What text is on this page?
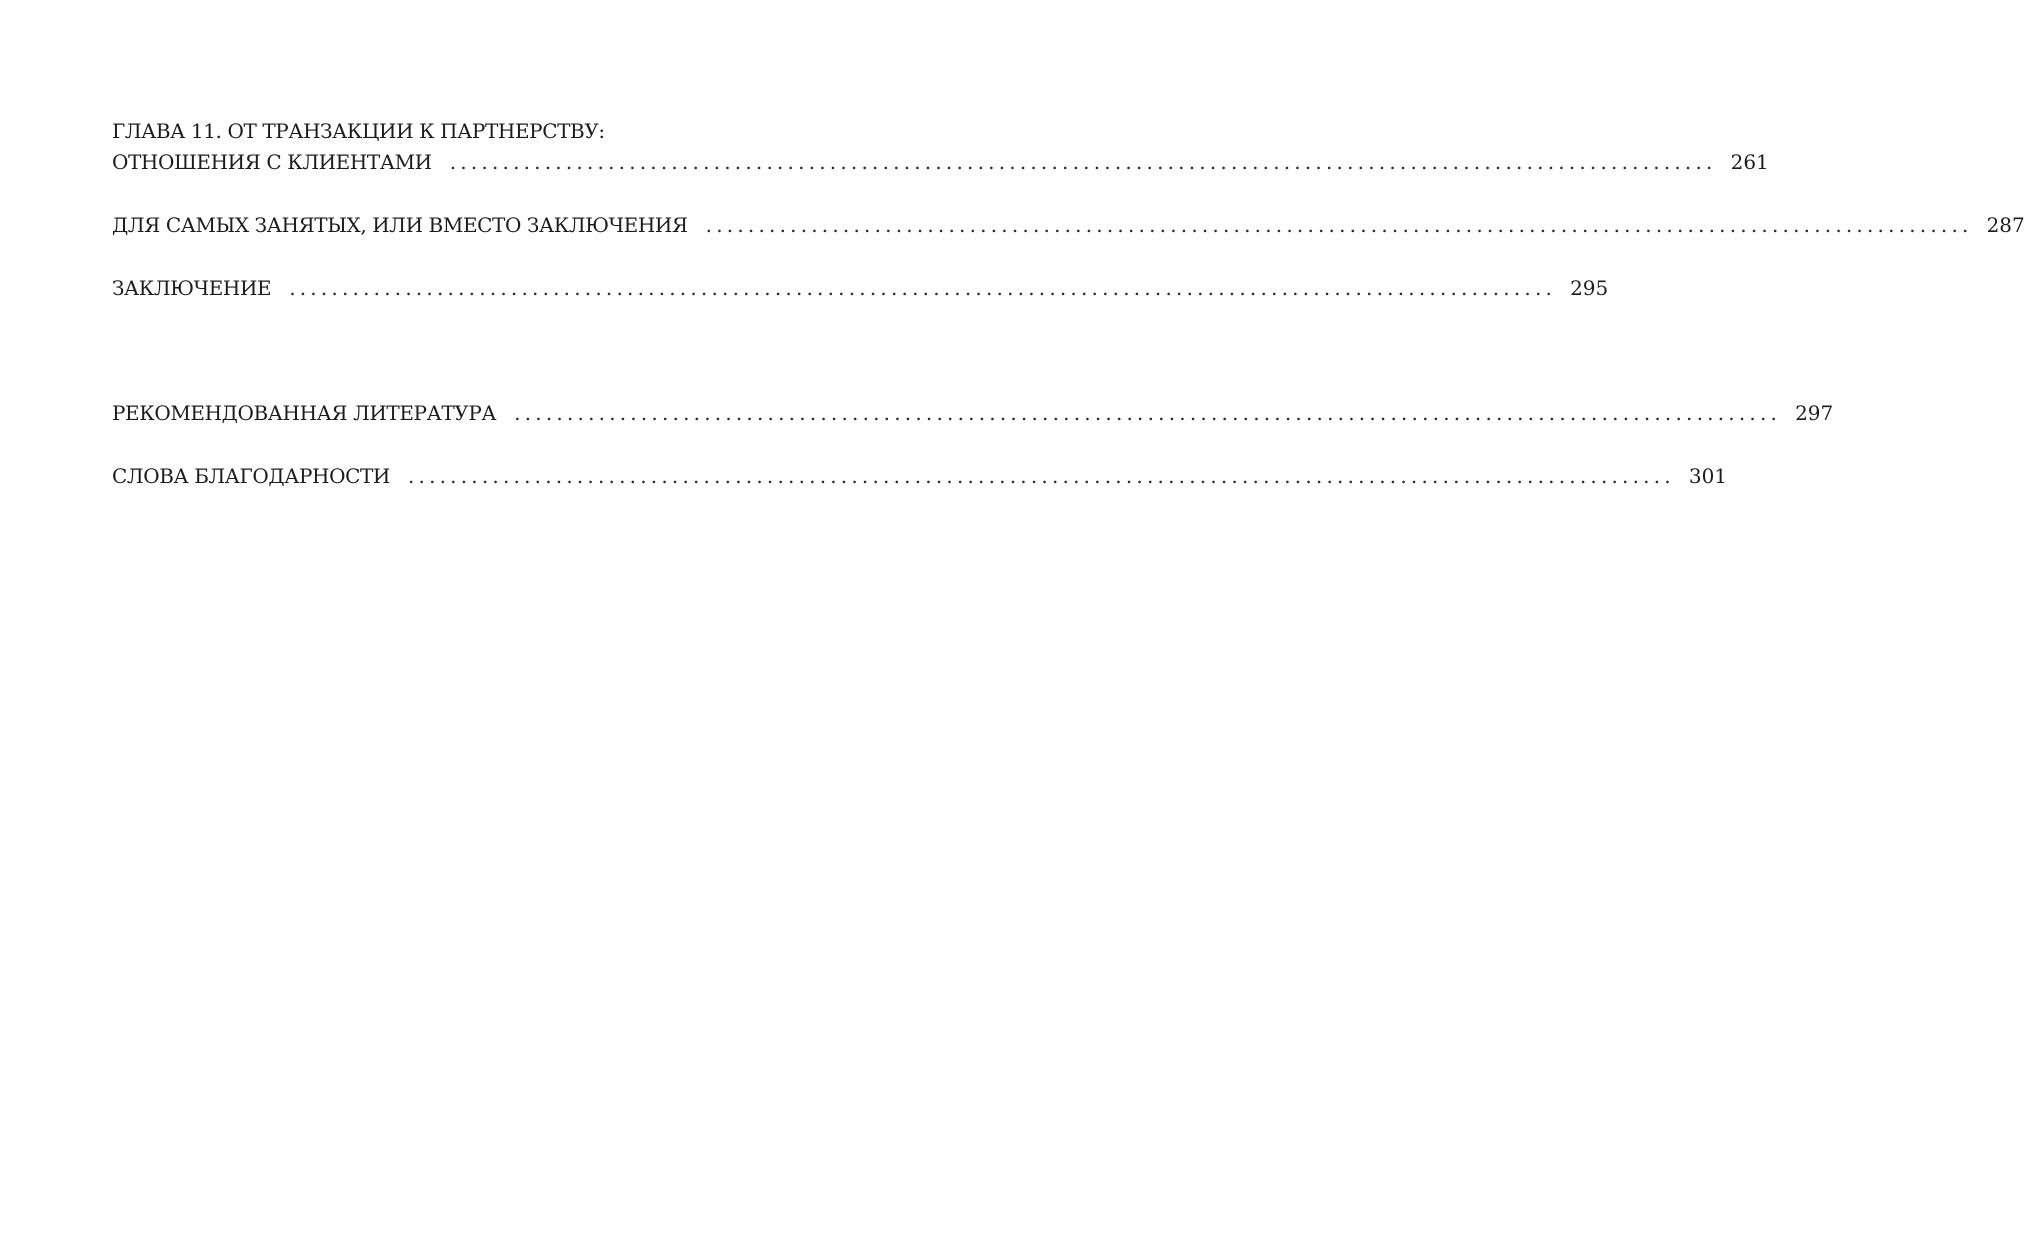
ГЛАВА 11. ОТ ТРАНЗАКЦИИ К ПАРТНЕРСТВУ:
ОТНОШЕНИЯ С КЛИЕНТАМИ ........................................................................................................................ 261
ДЛЯ САМЫХ ЗАНЯТЫХ, ИЛИ ВМЕСТО ЗАКЛЮЧЕНИЯ ........................................................................................................................ 287
ЗАКЛЮЧЕНИЕ ........................................................................................................................ 295
РЕКОМЕНДОВАННАЯ ЛИТЕРАТУРА ........................................................................................................................ 297
СЛОВА БЛАГОДАРНОСТИ ........................................................................................................................ 301
